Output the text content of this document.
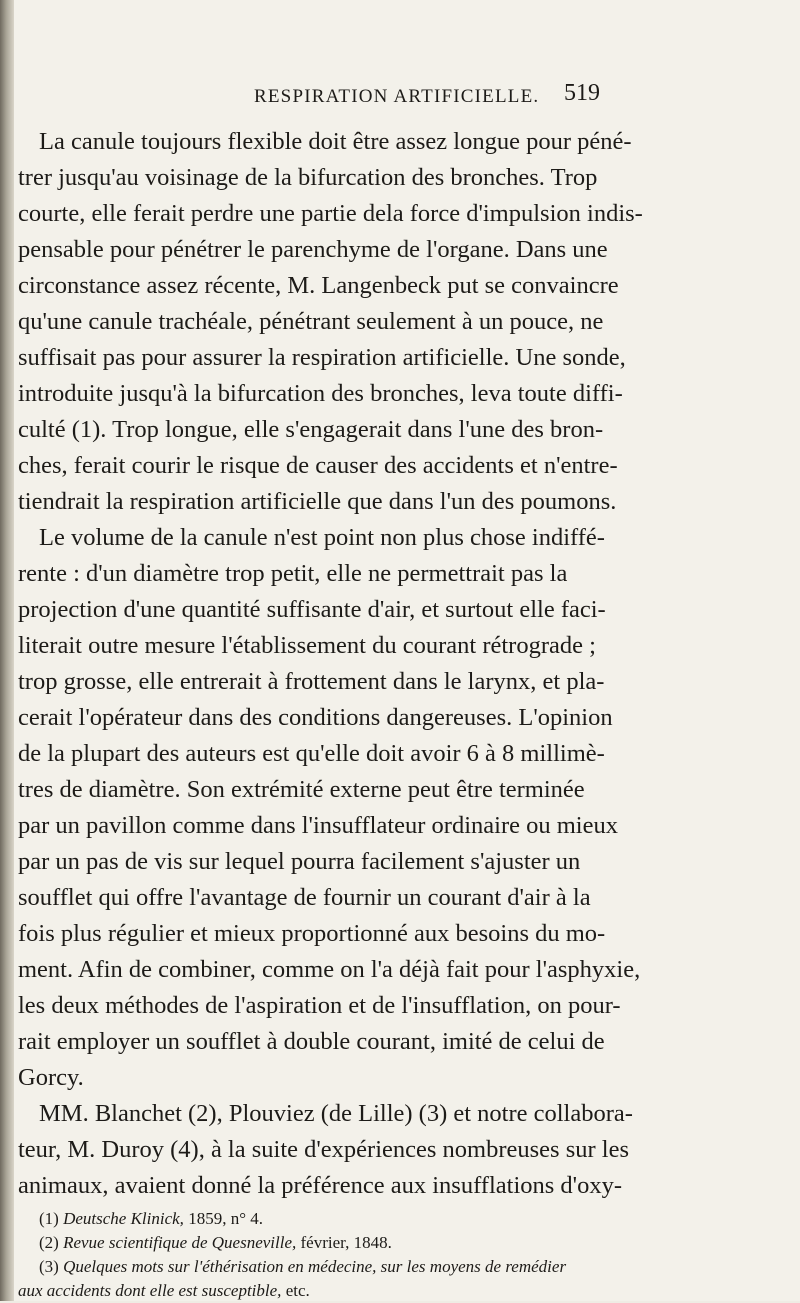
RESPIRATION ARTIFICIELLE. 519
La canule toujours flexible doit être assez longue pour péné-
trer jusqu'au voisinage de la bifurcation des bronches. Trop
courte, elle ferait perdre une partie dela force d'impulsion indis-
pensable pour pénétrer le parenchyme de l'organe. Dans une
circonstance assez récente, M. Langenbeck put se convaincre
qu'une canule trachéale, pénétrant seulement à un pouce, ne
suffisait pas pour assurer la respiration artificielle. Une sonde,
introduite jusqu'à la bifurcation des bronches, leva toute diffi-
culté (1). Trop longue, elle s'engagerait dans l'une des bron-
ches, ferait courir le risque de causer des accidents et n'entre-
tiendrait la respiration artificielle que dans l'un des poumons.
Le volume de la canule n'est point non plus chose indiffé-
rente : d'un diamètre trop petit, elle ne permettrait pas la
projection d'une quantité suffisante d'air, et surtout elle faci-
literait outre mesure l'établissement du courant rétrograde ;
trop grosse, elle entrerait à frottement dans le larynx, et pla-
cerait l'opérateur dans des conditions dangereuses. L'opinion
de la plupart des auteurs est qu'elle doit avoir 6 à 8 millimè-
tres de diamètre. Son extrémité externe peut être terminée
par un pavillon comme dans l'insufflateur ordinaire ou mieux
par un pas de vis sur lequel pourra facilement s'ajuster un
soufflet qui offre l'avantage de fournir un courant d'air à la
fois plus régulier et mieux proportionné aux besoins du mo-
ment. Afin de combiner, comme on l'a déjà fait pour l'asphyxie,
les deux méthodes de l'aspiration et de l'insufflation, on pour-
rait employer un soufflet à double courant, imité de celui de
Gorcy.
MM. Blanchet (2), Plouviez (de Lille) (3) et notre collabora-
teur, M. Duroy (4), à la suite d'expériences nombreuses sur les
animaux, avaient donné la préférence aux insufflations d'oxy-
(1) Deutsche Klinick, 1859, n° 4.
(2) Revue scientifique de Quesneville, février, 1848.
(3) Quelques mots sur l'éthérisation en médecine, sur les moyens de remédier
aux accidents dont elle est susceptible, etc.
